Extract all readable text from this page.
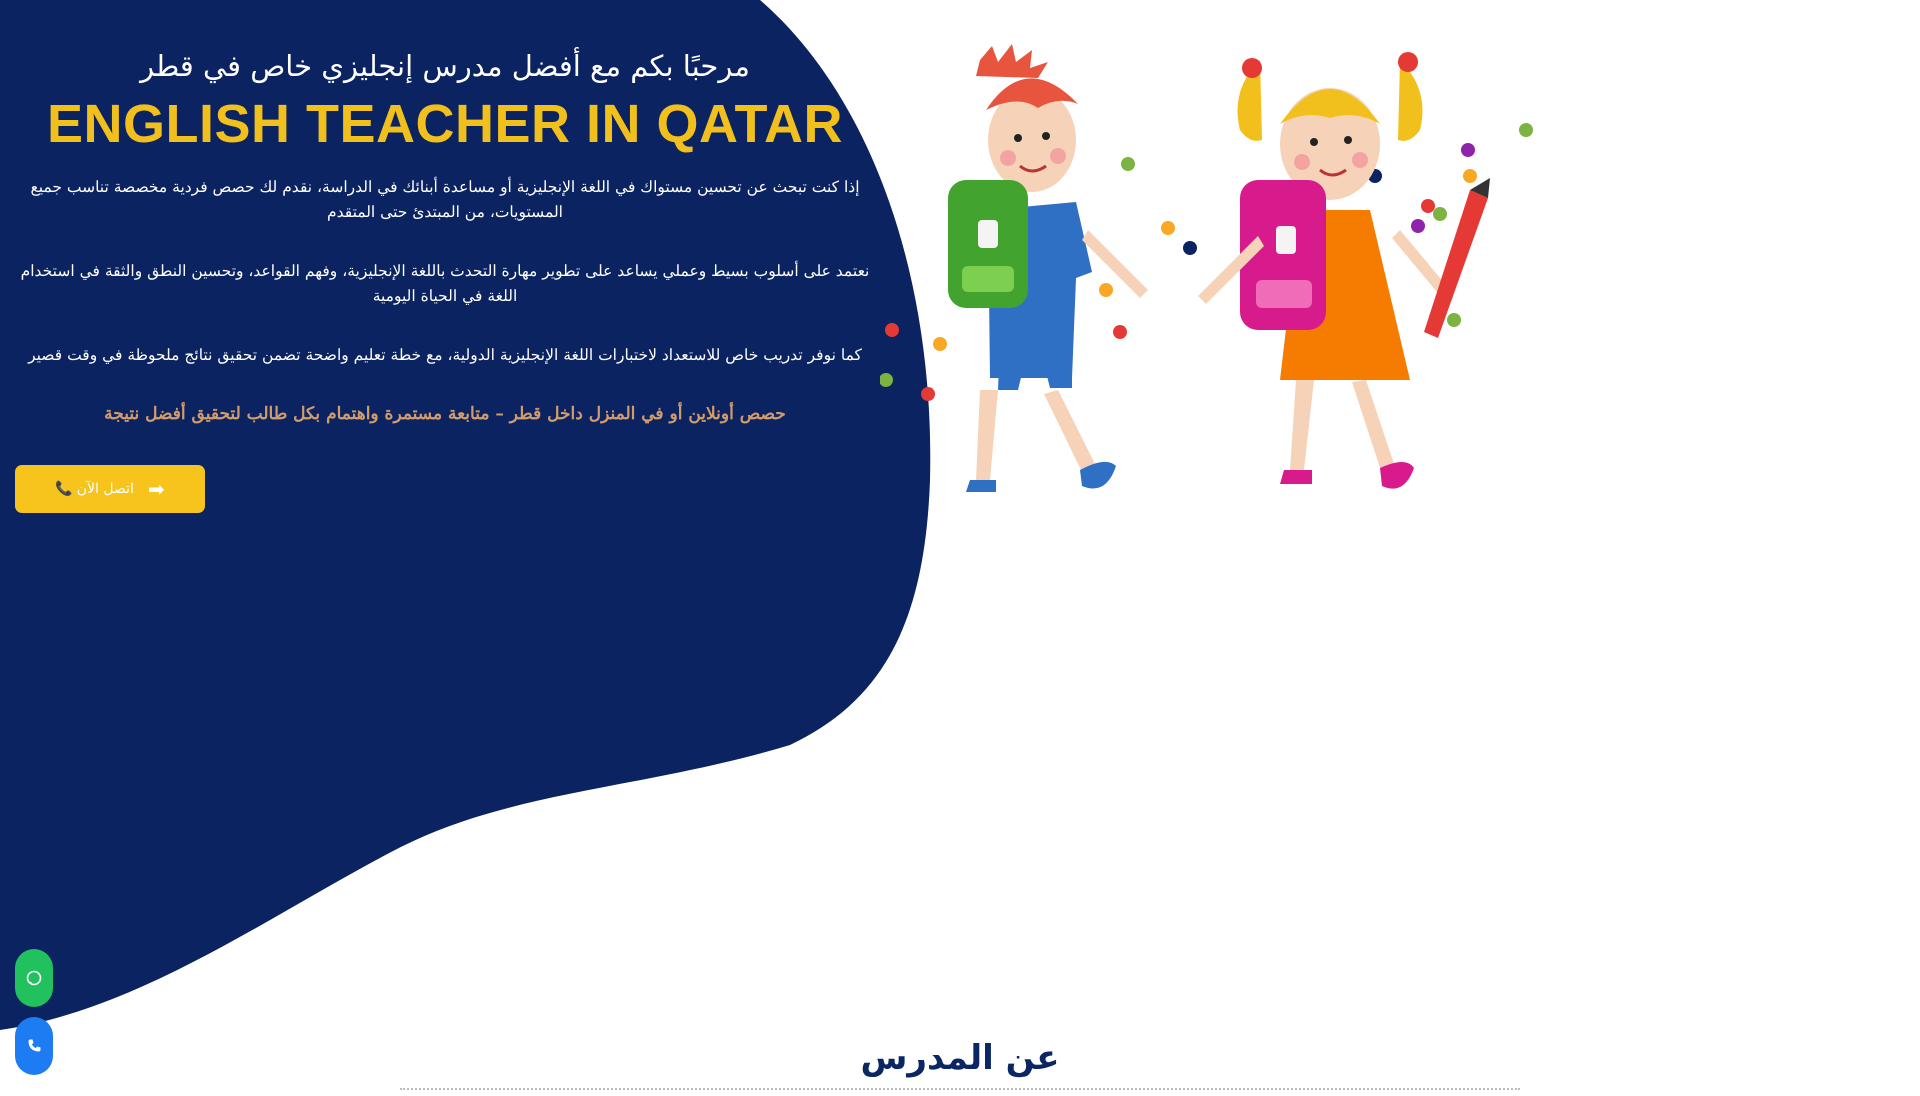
مرحبًا بكم مع أفضل مدرس إنجليزي خاص في قطر
ENGLISH TEACHER IN QATAR
إذا كنت تبحث عن تحسين مستواك في اللغة الإنجليزية أو مساعدة أبنائك في الدراسة، نقدم لك حصص فردية مخصصة تناسب جميع المستويات، من المبتدئ حتى المتقدم
نعتمد على أسلوب بسيط وعملي يساعد على تطوير مهارة التحدث باللغة الإنجليزية، وفهم القواعد، وتحسين النطق والثقة في استخدام اللغة في الحياة اليومية
كما نوفر تدريب خاص للاستعداد لاختبارات اللغة الإنجليزية الدولية، مع خطة تعليم واضحة تضمن تحقيق نتائج ملحوظة في وقت قصير
حصص أونلاين أو في المنزل داخل قطر – متابعة مستمرة واهتمام بكل طالب لتحقيق أفضل نتيجة
📞 اتصل الآن ➡
عن المدرس
